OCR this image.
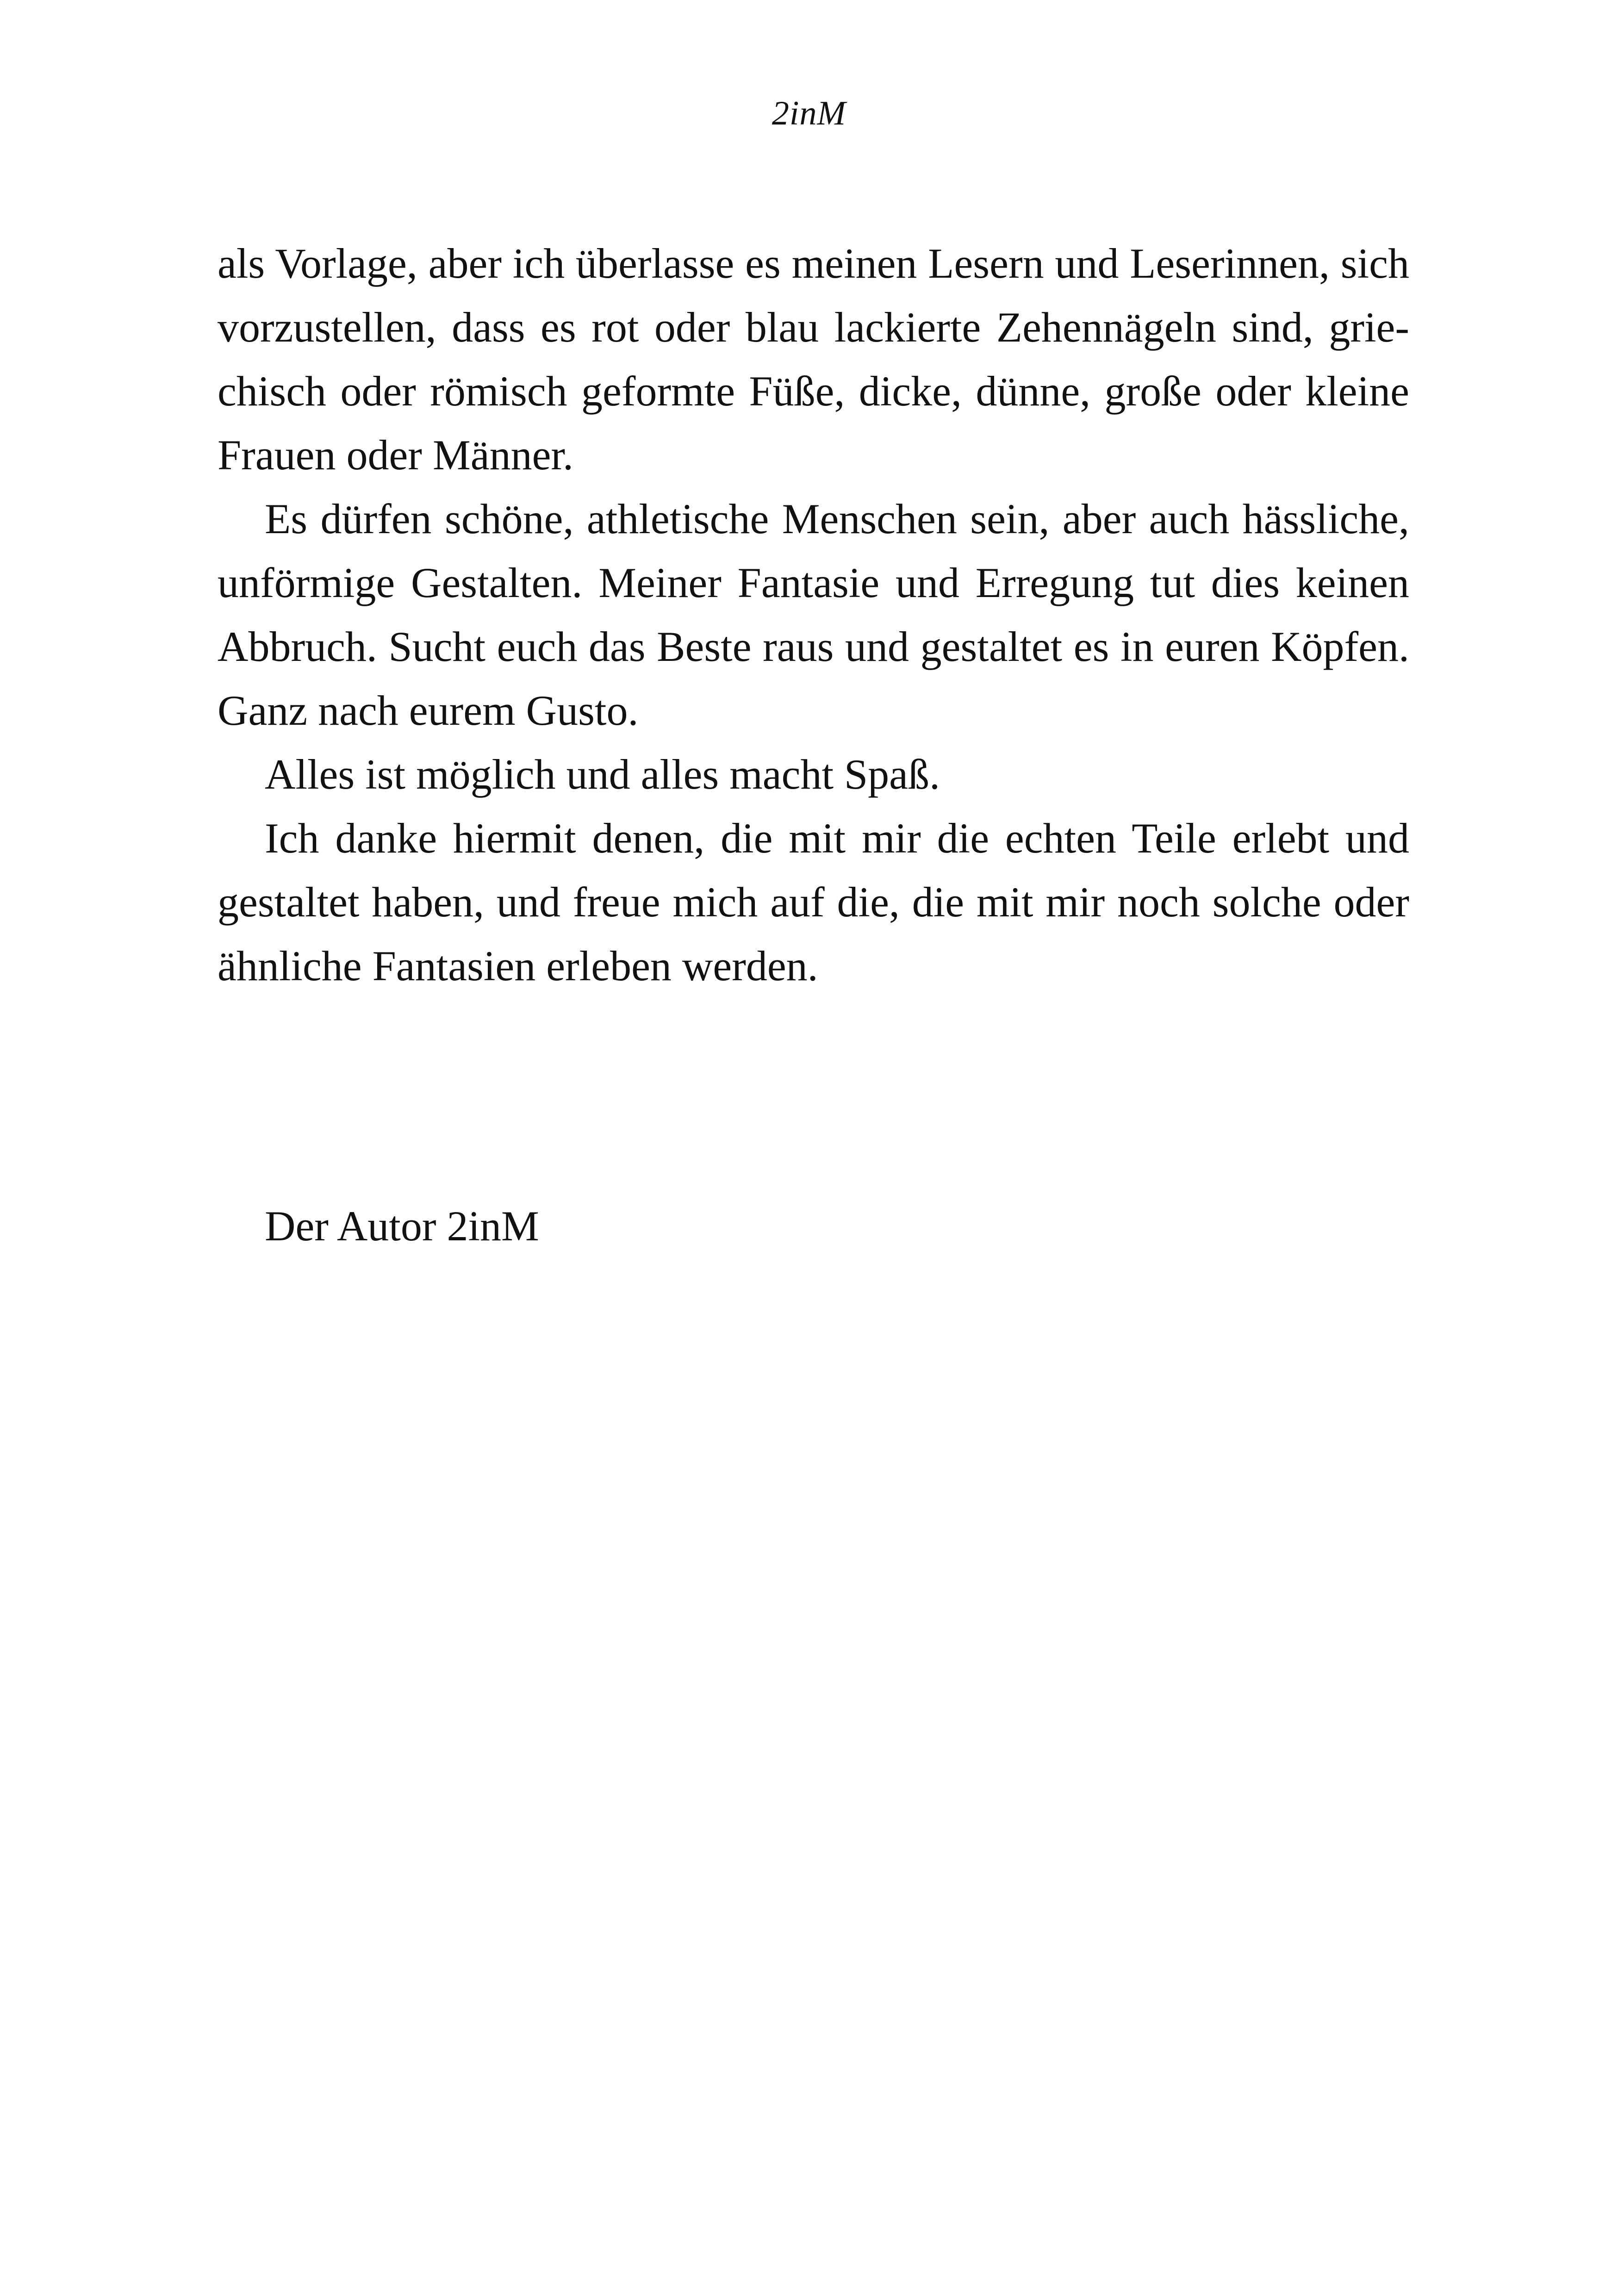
2inM

als Vorlage, aber ich überlasse es meinen Lesern und Leserinnen, sich
vorzustellen, dass es rot oder blau lackierte Zehennägeln sind, grie-
chisch oder römisch geformte Füße, dicke, dünne, große oder kleine
Frauen oder Männer.

Es dürfen schöne, athletische Menschen sein, aber auch hässliche,
unförmige Gestalten. Meiner Fantasie und Erregung tut dies keinen
Abbruch. Sucht euch das Beste raus und gestaltet es in euren Köpfen.
Ganz nach eurem Gusto.

Alles ist möglich und alles macht Spaß.

Ich danke hiermit denen, die mit mir die echten Teile erlebt und
gestaltet haben, und freue mich auf die, die mit mir noch solche oder
ähnliche Fantasien erleben werden.

Der Autor 2inM
